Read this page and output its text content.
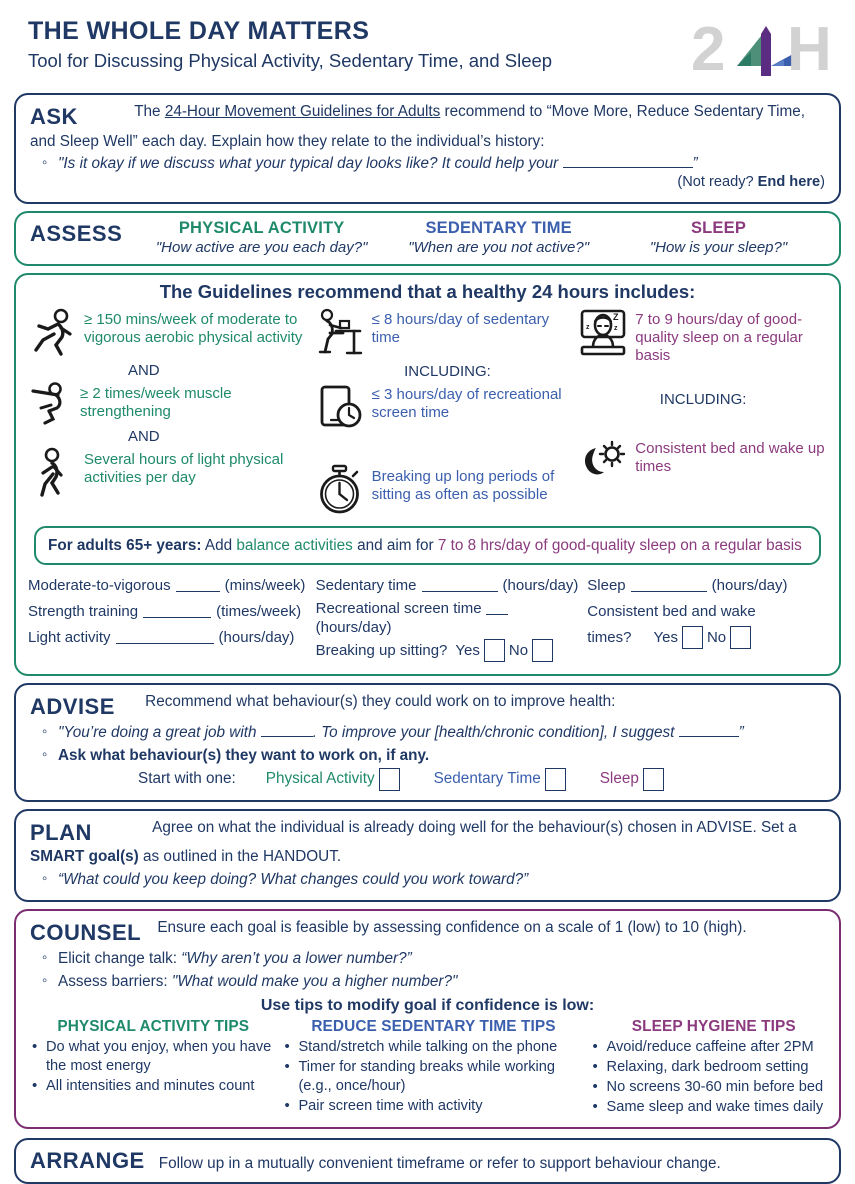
THE WHOLE DAY MATTERS
Tool for Discussing Physical Activity, Sedentary Time, and Sleep	2 H
ASK	The 24-Hour Movement Guidelines for Adults recommend to “Move More, Reduce Sedentary Time, and Sleep Well” each day. Explain how they relate to the individual’s history:
◦ "Is it okay if we discuss what your typical day looks like? It could help your	”
(Not ready? End here)
ASSESS	PHYSICAL ACTIVITY
"How active are you each day?"
SEDENTARY TIME
"When are you not active?"
SLEEP
"How is your sleep?"
The Guidelines recommend that a healthy 24 hours includes:
≥ 150 mins/week of moderate to vigorous aerobic physical activity
AND
≥ 2 times/week muscle strengthening
AND
Several hours of light physical activities per day
≤ 8 hours/day of sedentary time
INCLUDING:
≤ 3 hours/day of recreational screen time
Breaking up long periods of sitting as often as possible
Z
z
z	7 to 9 hours/day of good-quality sleep on a regular basis
INCLUDING:
Consistent bed and wake up times
For adults 65+ years: Add balance activities and aim for 7 to 8 hrs/day of good-quality sleep on a regular basis
Moderate-to-vigorous	(mins/week)
Strength training	(times/week)
Light activity	(hours/day)
Sedentary time	(hours/day)
Recreational screen time
(hours/day)
Breaking up sitting? Yes No
Sleep	(hours/day)
Consistent bed and wake
times? Yes No
ADVISE Recommend what behaviour(s) they could work on to improve health:
◦ "You’re doing a great job with	. To improve your [health/chronic condition], I suggest	”
◦ Ask what behaviour(s) they want to work on, if any.
Start with one: Physical Activity	Sedentary Time	Sleep
PLAN	Agree on what the individual is already doing well for the behaviour(s) chosen in ADVISE. Set a SMART goal(s) as outlined in the HANDOUT.
◦ “What could you keep doing? What changes could you work toward?”
COUNSEL Ensure each goal is feasible by assessing confidence on a scale of 1 (low) to 10 (high).
◦ Elicit change talk: “Why aren’t you a lower number?”
◦ Assess barriers: "What would make you a higher number?"
Use tips to modify goal if confidence is low:
PHYSICAL ACTIVITY TIPS
• Do what you enjoy, when you have the most energy
• All intensities and minutes count
REDUCE SEDENTARY TIME TIPS
• Stand/stretch while talking on the phone
• Timer for standing breaks while working (e.g., once/hour)
• Pair screen time with activity
SLEEP HYGIENE TIPS
• Avoid/reduce caffeine after 2PM
• Relaxing, dark bedroom setting
• No screens 30-60 min before bed
• Same sleep and wake times daily
ARRANGE Follow up in a mutually convenient timeframe or refer to support behaviour change.
